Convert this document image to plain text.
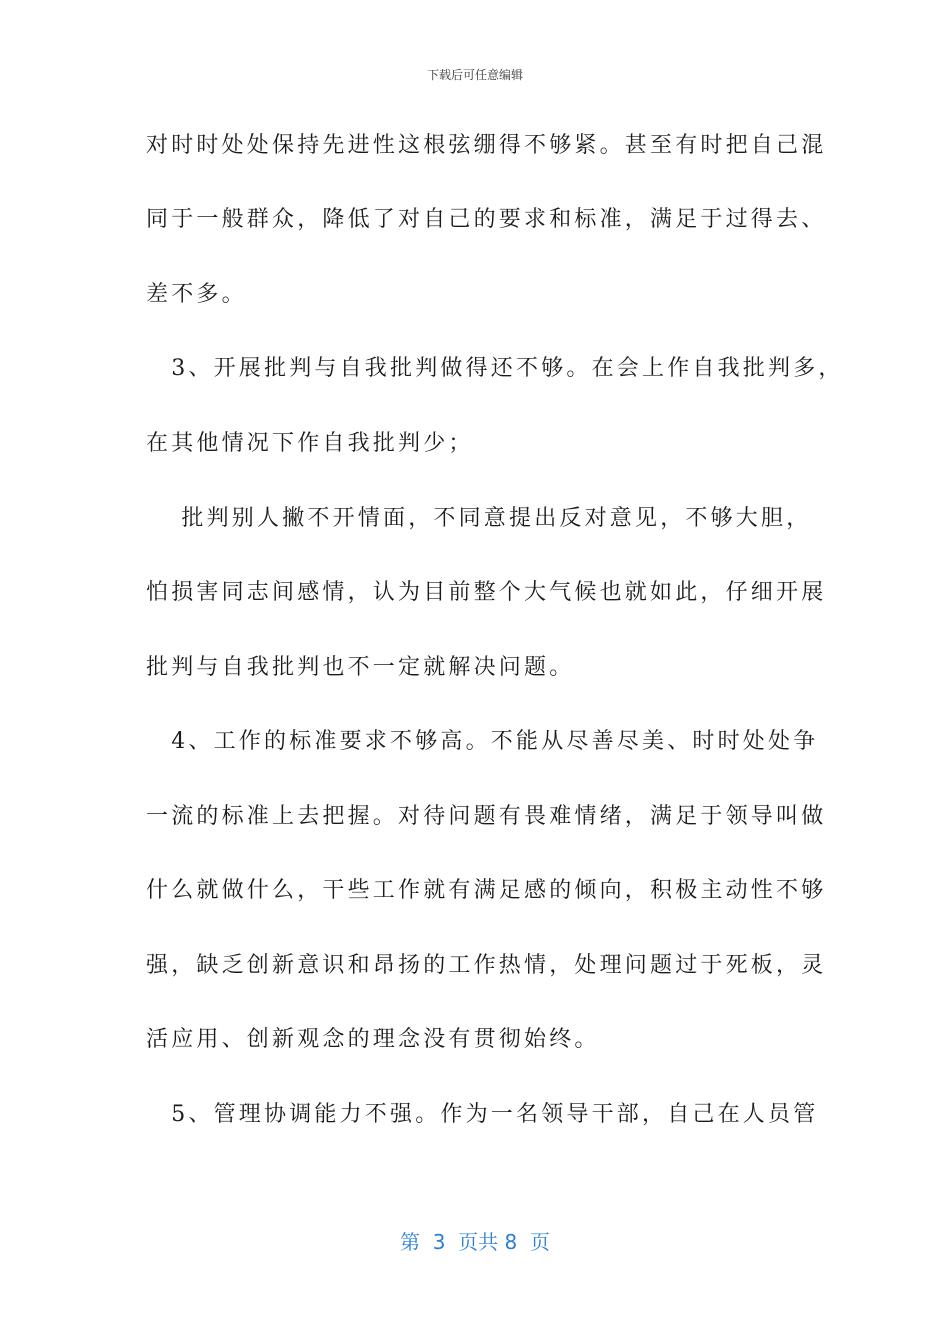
下载后可任意编辑
对时时处处保持先进性这根弦绷得不够紧。甚至有时把自己混
同于一般群众，降低了对自己的要求和标准，满足于过得去、
差不多。
　3、开展批判与自我批判做得还不够。在会上作自我批判多，
在其他情况下作自我批判少；
　 批判别人撇不开情面，不同意提出反对意见，不够大胆，
怕损害同志间感情，认为目前整个大气候也就如此，仔细开展
批判与自我批判也不一定就解决问题。
　4、工作的标准要求不够高。不能从尽善尽美、时时处处争
一流的标准上去把握。对待问题有畏难情绪，满足于领导叫做
什么就做什么，干些工作就有满足感的倾向，积极主动性不够
强，缺乏创新意识和昂扬的工作热情，处理问题过于死板，灵
活应用、创新观念的理念没有贯彻始终。
　5、管理协调能力不强。作为一名领导干部，自己在人员管
第  3  页共 8  页
